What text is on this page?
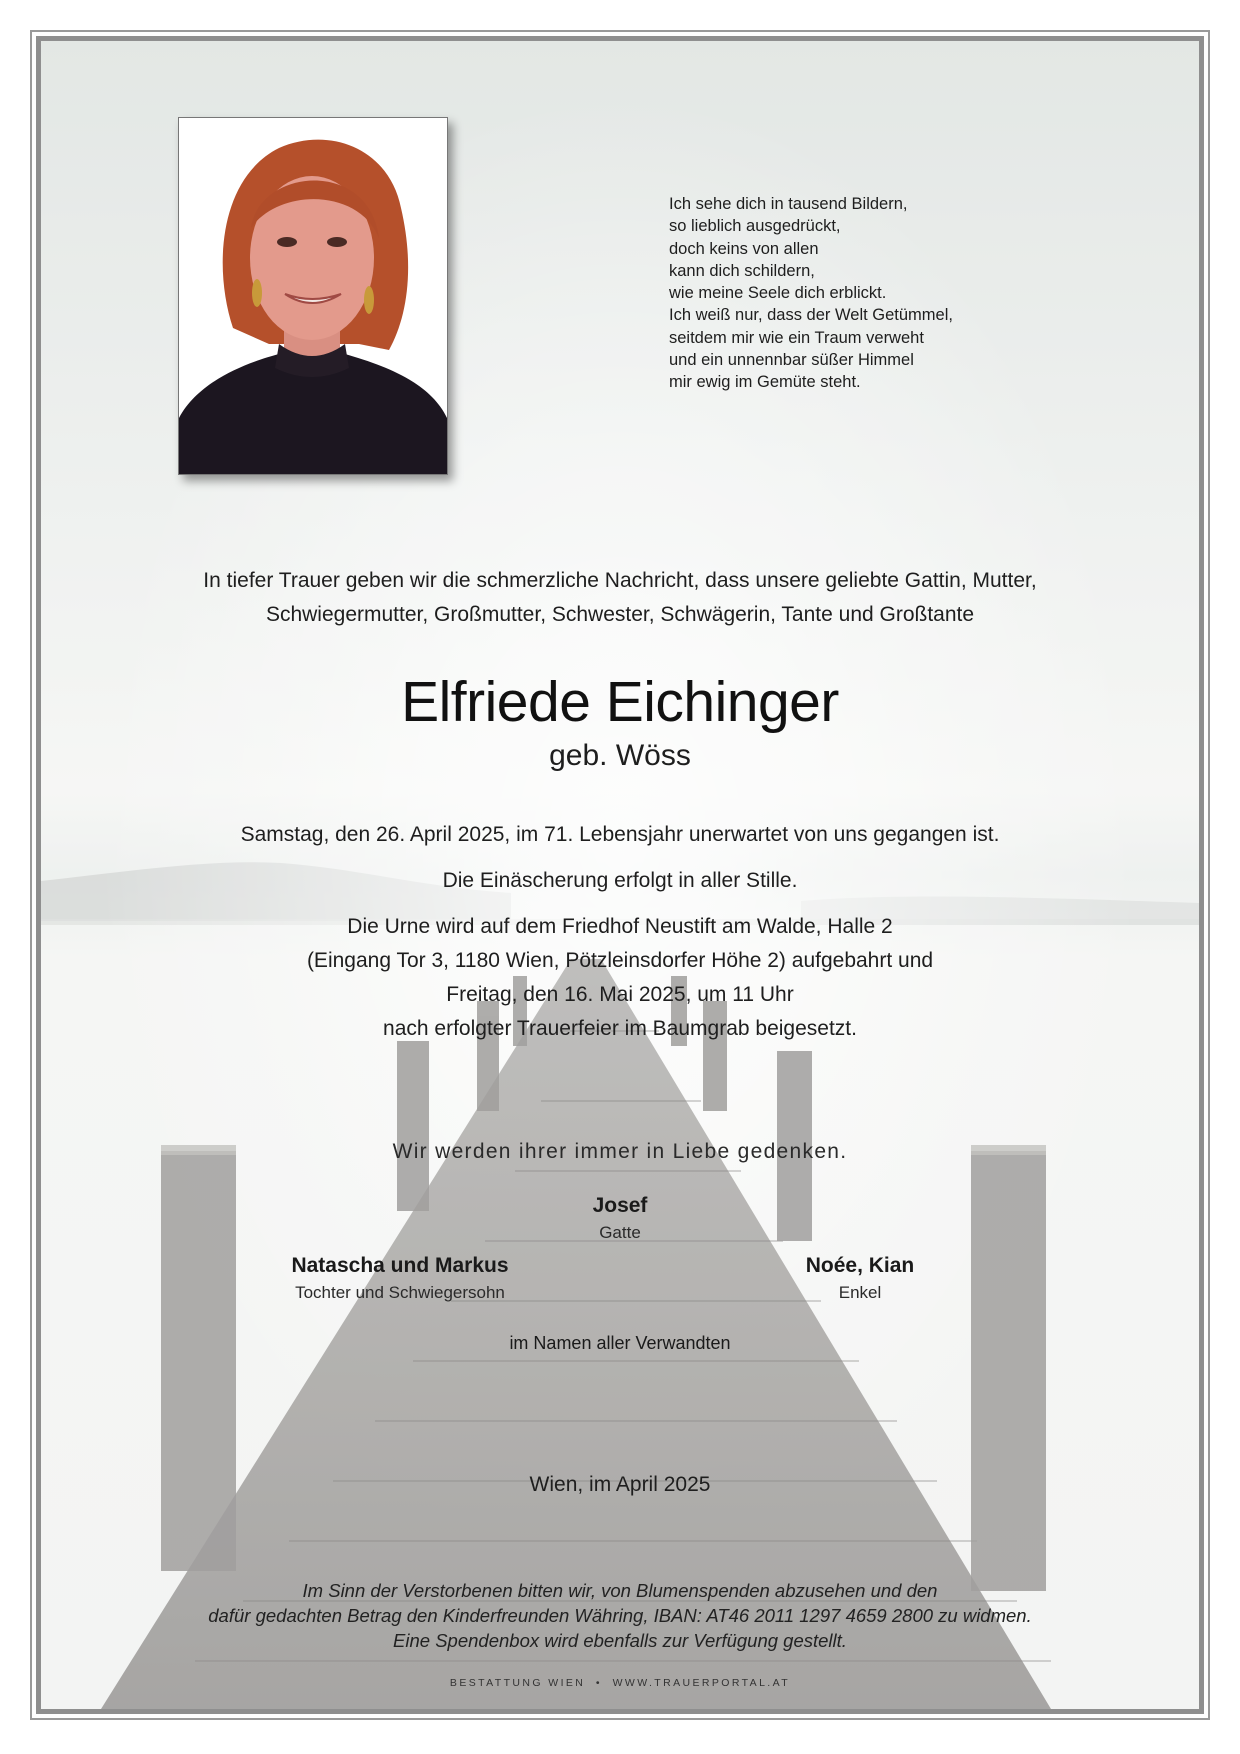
Ich sehe dich in tausend Bildern,
so lieblich ausgedrückt,
doch keins von allen
kann dich schildern,
wie meine Seele dich erblickt.
Ich weiß nur, dass der Welt Getümmel,
seitdem mir wie ein Traum verweht
und ein unnennbar süßer Himmel
mir ewig im Gemüte steht.
In tiefer Trauer geben wir die schmerzliche Nachricht, dass unsere geliebte Gattin, Mutter,
Schwiegermutter, Großmutter, Schwester, Schwägerin, Tante und Großtante
Elfriede Eichinger
geb. Wöss
Samstag, den 26. April 2025, im 71. Lebensjahr unerwartet von uns gegangen ist.
Die Einäscherung erfolgt in aller Stille.
Die Urne wird auf dem Friedhof Neustift am Walde, Halle 2
(Eingang Tor 3, 1180 Wien, Pötzleinsdorfer Höhe 2) aufgebahrt und
Freitag, den 16. Mai 2025, um 11 Uhr
nach erfolgter Trauerfeier im Baumgrab beigesetzt.
Wir werden ihrer immer in Liebe gedenken.
Josef
Gatte
Natascha und Markus
Tochter und Schwiegersohn
Noée, Kian
Enkel
im Namen aller Verwandten
Wien, im April 2025
Im Sinn der Verstorbenen bitten wir, von Blumenspenden abzusehen und den
dafür gedachten Betrag den Kinderfreunden Währing, IBAN: AT46 2011 1297 4659 2800 zu widmen.
Eine Spendenbox wird ebenfalls zur Verfügung gestellt.
BESTATTUNG WIEN  •  WWW.TRAUERPORTAL.AT
